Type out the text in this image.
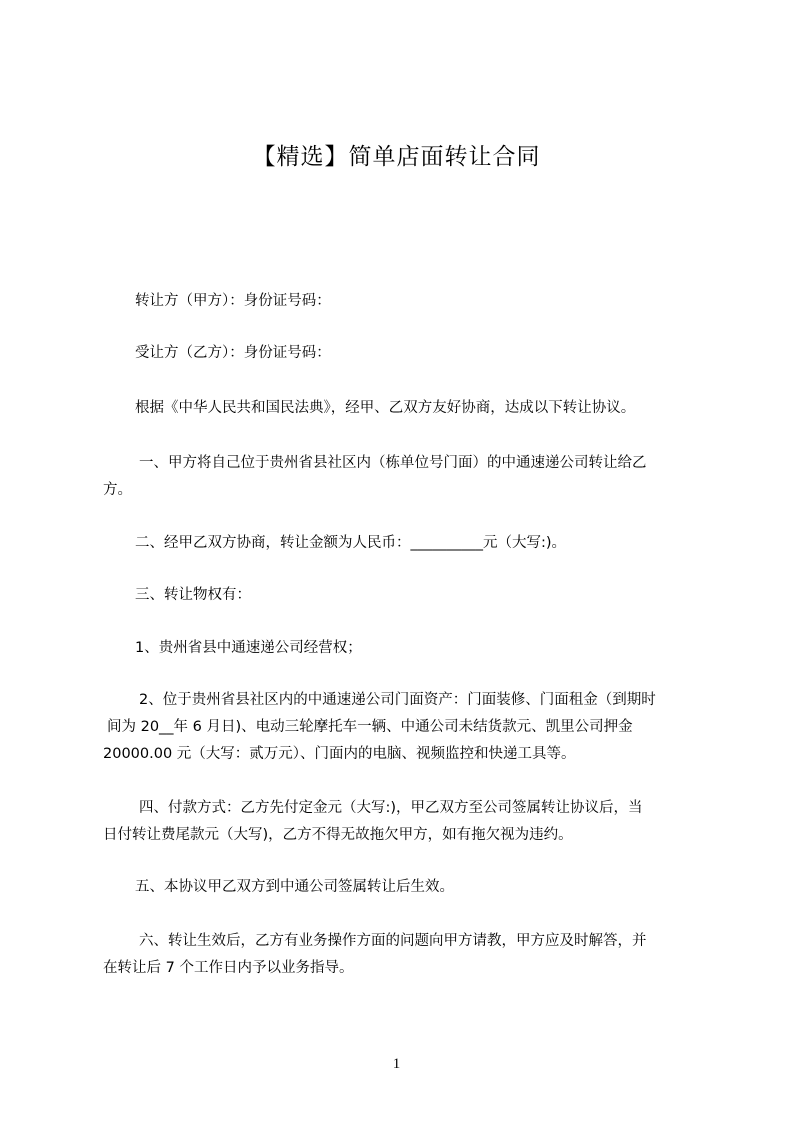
【精选】简单店面转让合同

转让方（甲方）：身份证号码：

受让方（乙方）：身份证号码：

根据《中华人民共和国民法典》，经甲、乙双方友好协商，达成以下转让协议。

一、甲方将自己位于贵州省县社区内（栋单位号门面）的中通速递公司转让给乙
方。

二、经甲乙双方协商，转让金额为人民币：__________元（大写:)。

三、转让物权有：

1、贵州省县中通速递公司经营权；

2、位于贵州省县社区内的中通速递公司门面资产：门面装修、门面租金（到期时
间为 20__年 6 月日)、电动三轮摩托车一辆、中通公司未结货款元、凯里公司押金
20000.00 元（大写：贰万元）、门面内的电脑、视频监控和快递工具等。

四、付款方式：乙方先付定金元（大写:)，甲乙双方至公司签属转让协议后，当
日付转让费尾款元（大写)，乙方不得无故拖欠甲方，如有拖欠视为违约。

五、本协议甲乙双方到中通公司签属转让后生效。

六、转让生效后，乙方有业务操作方面的问题向甲方请教，甲方应及时解答，并
在转让后 7 个工作日内予以业务指导。

1
